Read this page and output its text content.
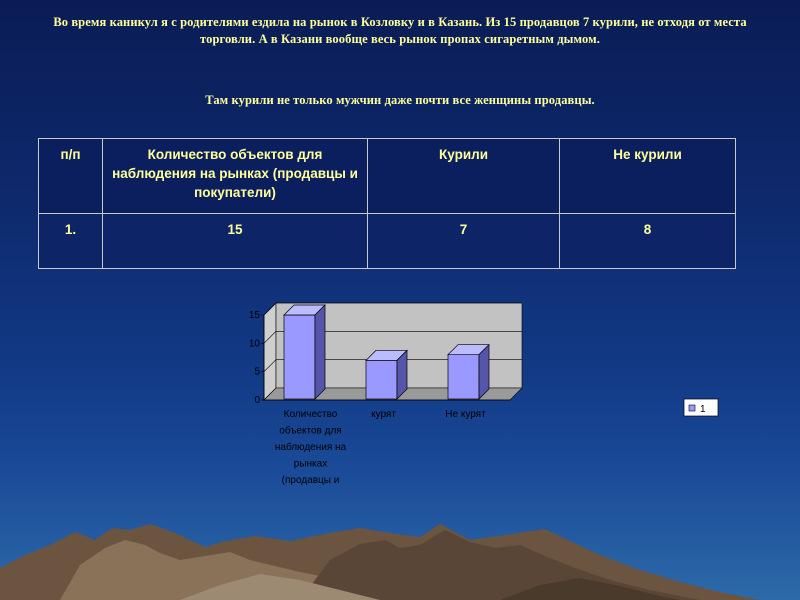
Во время каникул я с родителями ездила на рынок в Козловку и в Казань. Из 15 продавцов 7 курили, не отходя от места торговли. А в Казани вообще весь рынок пропах сигаретным дымом.
Там курили не только мужчин даже почти все женщины продавцы.
п/п	Количество объектов для наблюдения на рынках (продавцы и покупатели)	Курили	Не курили
1.	15	7	8
0
5
10
15
Количество объектов для наблюдения на рынках (продавцы и
курят	Не курят	1
